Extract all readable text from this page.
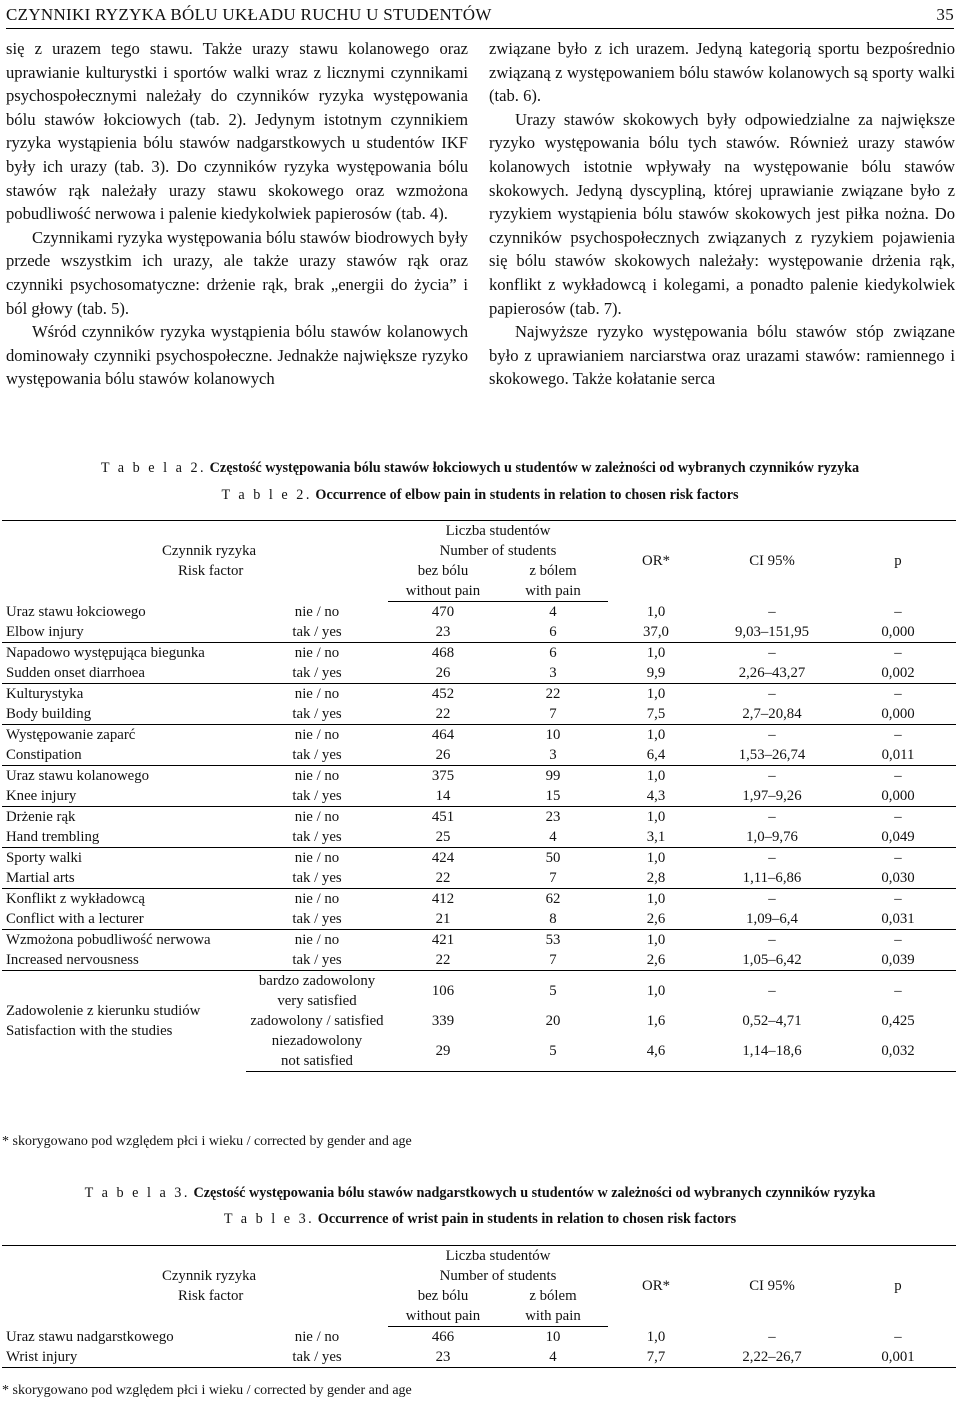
CZYNNIKI RYZYKA BÓLU UKŁADU RUCHU U STUDENTÓW	35

się z urazem tego stawu. Także urazy stawu kolanowego oraz uprawianie kulturystki i sportów walki wraz z licznymi czynnikami psychospołecznymi należały do czynników ryzyka występowania bólu stawów łokciowych (tab. 2). Jedynym istotnym czynnikiem ryzyka wystąpienia bólu stawów nadgarstkowych u studentów IKF były ich urazy (tab. 3). Do czynników ryzyka występowania bólu stawów rąk należały urazy stawu skokowego oraz wzmożona pobudliwość nerwowa i palenie kiedykolwiek papierosów (tab. 4).

Czynnikami ryzyka występowania bólu stawów biodrowych były przede wszystkim ich urazy, ale także urazy stawów rąk oraz czynniki psychosomatyczne: drżenie rąk, brak „energii do życia” i ból głowy (tab. 5).

Wśród czynników ryzyka wystąpienia bólu stawów kolanowych dominowały czynniki psychospołeczne. Jednakże największe ryzyko występowania bólu stawów kolanowych

związane było z ich urazem. Jedyną kategorią sportu bezpośrednio związaną z występowaniem bólu stawów kolanowych są sporty walki (tab. 6).

Urazy stawów skokowych były odpowiedzialne za największe ryzyko występowania bólu tych stawów. Również urazy stawów kolanowych istotnie wpływały na występowanie bólu stawów skokowych. Jedyną dyscypliną, której uprawianie związane było z ryzykiem wystąpienia bólu stawów skokowych jest piłka nożna. Do czynników psychospołecznych związanych z ryzykiem pojawienia się bólu stawów skokowych należały: występowanie drżenia rąk, konflikt z wykładowcą i kolegami, a ponadto palenie kiedykolwiek papierosów (tab. 7).

Najwyższe ryzyko występowania bólu stawów stóp związane było z uprawianiem narciarstwa oraz urazami stawów: ramiennego i skokowego. Także kołatanie serca

T a b e l a 2. Częstość występowania bólu stawów łokciowych u studentów w zależności od wybranych czynników ryzyka
T a b l e 2. Occurrence of elbow pain in students in relation to chosen risk factors
Czynnik ryzyka
Risk factor		Liczba studentów		OR*	CI 95%	p
		Number of students				

		bez bólu
without pain	z bólem
with pain			

Uraz stawu łokciowego	nie / no	470	4	1,0	–	–
Elbow injury	tak / yes	23	6	37,0	9,03–151,95	0,000
Napadowo występująca biegunka	nie / no	468	6	1,0	–	–
Sudden onset diarrhoea	tak / yes	26	3	9,9	2,26–43,27	0,002
Kulturystyka	nie / no	452	22	1,0	–	–
Body building	tak / yes	22	7	7,5	2,7–20,84	0,000
Występowanie zaparć	nie / no	464	10	1,0	–	–
Constipation	tak / yes	26	3	6,4	1,53–26,74	0,011
Uraz stawu kolanowego	nie / no	375	99	1,0	–	–
Knee injury	tak / yes	14	15	4,3	1,97–9,26	0,000
Drżenie rąk	nie / no	451	23	1,0	–	–
Hand trembling	tak / yes	25	4	3,1	1,0–9,76	0,049
Sporty walki	nie / no	424	50	1,0	–	–
Martial arts	tak / yes	22	7	2,8	1,11–6,86	0,030
Konflikt z wykładowcą	nie / no	412	62	1,0	–	–
Conflict with a lecturer	tak / yes	21	8	2,6	1,09–6,4	0,031
Wzmożona pobudliwość nerwowa	nie / no	421	53	1,0	–	–
Increased nervousness	tak / yes	22	7	2,6	1,05–6,42	0,039

Zadowolenie z kierunku studiów
Satisfaction with the studies	bardzo zadowolony
very satisfied	106	5	1,0	–	–

	zadowolony / satisfied	339	20	1,6	0,52–4,71	0,425

	niezadowolony
not satisfied	29	5	4,6	1,14–18,6	0,032
* skorygowano pod względem płci i wieku / corrected by gender and age
T a b e l a 3. Częstość występowania bólu stawów nadgarstkowych u studentów w zależności od wybranych czynników ryzyka
T a b l e 3. Occurrence of wrist pain in students in relation to chosen risk factors
Czynnik ryzyka
Risk factor		Liczba studentów		OR*	CI 95%	p
		Number of students				

		bez bólu
without pain	z bólem
with pain			

Uraz stawu nadgarstkowego	nie / no	466	10	1,0	–	–
Wrist injury	tak / yes	23	4	7,7	2,22–26,7	0,001
* skorygowano pod względem płci i wieku / corrected by gender and age
